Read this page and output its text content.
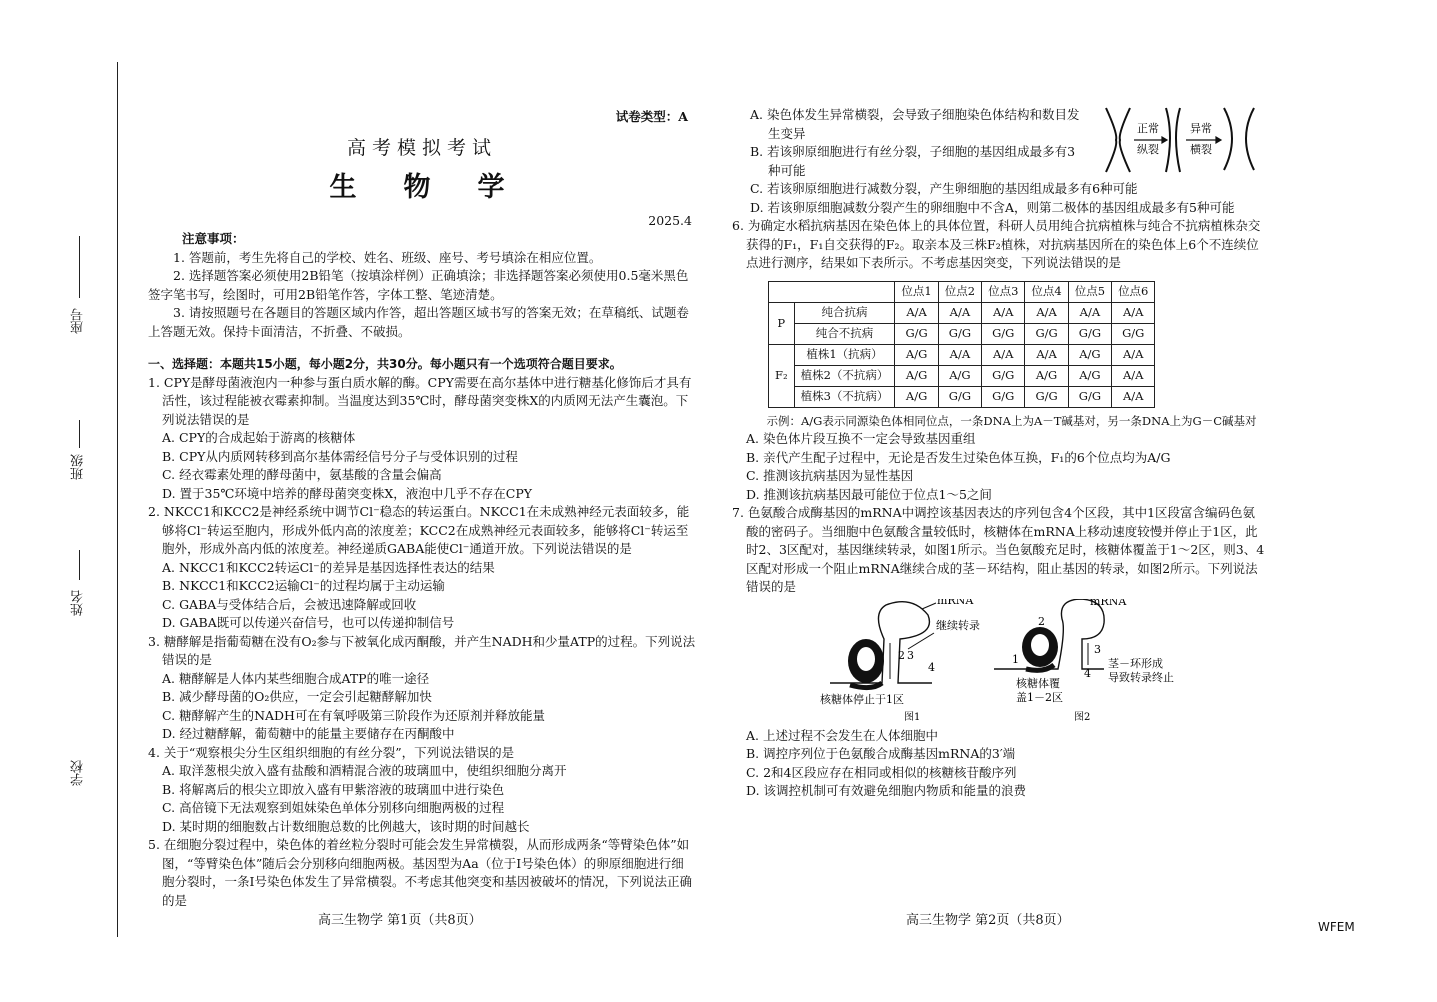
学校
姓名
班级
座号

试卷类型：A

高考模拟考试

生　物　学

2025.4

注意事项：

1. 答题前，考生先将自己的学校、姓名、班级、座号、考号填涂在相应位置。

2. 选择题答案必须使用2B铅笔（按填涂样例）正确填涂；非选择题答案必须使用0.5毫米黑色签字笔书写，绘图时，可用2B铅笔作答，字体工整、笔迹清楚。

3. 请按照题号在各题目的答题区域内作答，超出答题区域书写的答案无效；在草稿纸、试题卷上答题无效。保持卡面清洁，不折叠、不破损。

一、选择题：本题共15小题，每小题2分，共30分。每小题只有一个选项符合题目要求。

1. CPY是酵母菌液泡内一种参与蛋白质水解的酶。CPY需要在高尔基体中进行糖基化修饰后才具有活性，该过程能被衣霉素抑制。当温度达到35℃时，酵母菌突变株X的内质网无法产生囊泡。下列说法错误的是

A. CPY的合成起始于游离的核糖体

B. CPY从内质网转移到高尔基体需经信号分子与受体识别的过程

C. 经衣霉素处理的酵母菌中，氨基酸的含量会偏高

D. 置于35℃环境中培养的酵母菌突变株X，液泡中几乎不存在CPY

2. NKCC1和KCC2是神经系统中调节Cl⁻稳态的转运蛋白。NKCC1在未成熟神经元表面较多，能够将Cl⁻转运至胞内，形成外低内高的浓度差；KCC2在成熟神经元表面较多，能够将Cl⁻转运至胞外，形成外高内低的浓度差。神经递质GABA能使Cl⁻通道开放。下列说法错误的是

A. NKCC1和KCC2转运Cl⁻的差异是基因选择性表达的结果

B. NKCC1和KCC2运输Cl⁻的过程均属于主动运输

C. GABA与受体结合后，会被迅速降解或回收

D. GABA既可以传递兴奋信号，也可以传递抑制信号

3. 糖酵解是指葡萄糖在没有O₂参与下被氧化成丙酮酸，并产生NADH和少量ATP的过程。下列说法错误的是

A. 糖酵解是人体内某些细胞合成ATP的唯一途径

B. 减少酵母菌的O₂供应，一定会引起糖酵解加快

C. 糖酵解产生的NADH可在有氧呼吸第三阶段作为还原剂并释放能量

D. 经过糖酵解，葡萄糖中的能量主要储存在丙酮酸中

4. 关于“观察根尖分生区组织细胞的有丝分裂”，下列说法错误的是

A. 取洋葱根尖放入盛有盐酸和酒精混合液的玻璃皿中，使组织细胞分离开

B. 将解离后的根尖立即放入盛有甲紫溶液的玻璃皿中进行染色

C. 高倍镜下无法观察到姐妹染色单体分别移向细胞两极的过程

D. 某时期的细胞数占计数细胞总数的比例越大，该时期的时间越长

5. 在细胞分裂过程中，染色体的着丝粒分裂时可能会发生异常横裂，从而形成两条“等臂染色体”如图，“等臂染色体”随后会分别移向细胞两极。基因型为Aa（位于Ⅰ号染色体）的卵原细胞进行细胞分裂时，一条Ⅰ号染色体发生了异常横裂。不考虑其他突变和基因被破坏的情况，下列说法正确的是

高三生物学 第1页（共8页）

A. 染色体发生异常横裂，会导致子细胞染色体结构和数目发生变异

B. 若该卵原细胞进行有丝分裂，子细胞的基因组成最多有3种可能

正常
纵裂
异常
横裂

C. 若该卵原细胞进行减数分裂，产生卵细胞的基因组成最多有6种可能

D. 若该卵原细胞减数分裂产生的卵细胞中不含A，则第二极体的基因组成最多有5种可能

6. 为确定水稻抗病基因在染色体上的具体位置，科研人员用纯合抗病植株与纯合不抗病植株杂交获得的F₁，F₁自交获得的F₂。取亲本及三株F₂植株，对抗病基因所在的染色体上6个不连续位点进行测序，结果如下表所示。不考虑基因突变，下列说法错误的是

		位点1	位点2	位点3	位点4	位点5	位点6
P	纯合抗病	A/A	A/A	A/A	A/A	A/A	A/A
	纯合不抗病	G/G	G/G	G/G	G/G	G/G	G/G
F₂	植株1（抗病）	A/G	A/A	A/A	A/A	A/G	A/A
	植株2（不抗病）	A/G	A/G	G/G	A/G	A/G	A/A
	植株3（不抗病）	A/G	G/G	G/G	G/G	G/G	A/A

示例：A/G表示同源染色体相同位点，一条DNA上为A－T碱基对，另一条DNA上为G－C碱基对

A. 染色体片段互换不一定会导致基因重组

B. 亲代产生配子过程中，无论是否发生过染色体互换，F₁的6个位点均为A/G

C. 推测该抗病基因为显性基因

D. 推测该抗病基因最可能位于位点1～5之间

7. 色氨酸合成酶基因的mRNA中调控该基因表达的序列包含4个区段，其中1区段富含编码色氨酸的密码子。当细胞中色氨酸含量较低时，核糖体在mRNA上移动速度较慢并停止于1区，此时2、3区配对，基因继续转录，如图1所示。当色氨酸充足时，核糖体覆盖于1～2区，则3、4区配对形成一个阻止mRNA继续合成的茎－环结构，阻止基因的转录，如图2所示。下列说法错误的是

2 3
4
mRNA
继续转录
核糖体停止于1区
图1
1
2
3
4
mRNA
核糖体覆
盖1－2区
茎－环形成
导致转录终止
图2

A. 上述过程不会发生在人体细胞中

B. 调控序列位于色氨酸合成酶基因mRNA的3′端

C. 2和4区段应存在相同或相似的核糖核苷酸序列

D. 该调控机制可有效避免细胞内物质和能量的浪费

高三生物学 第2页（共8页）	WFEM
